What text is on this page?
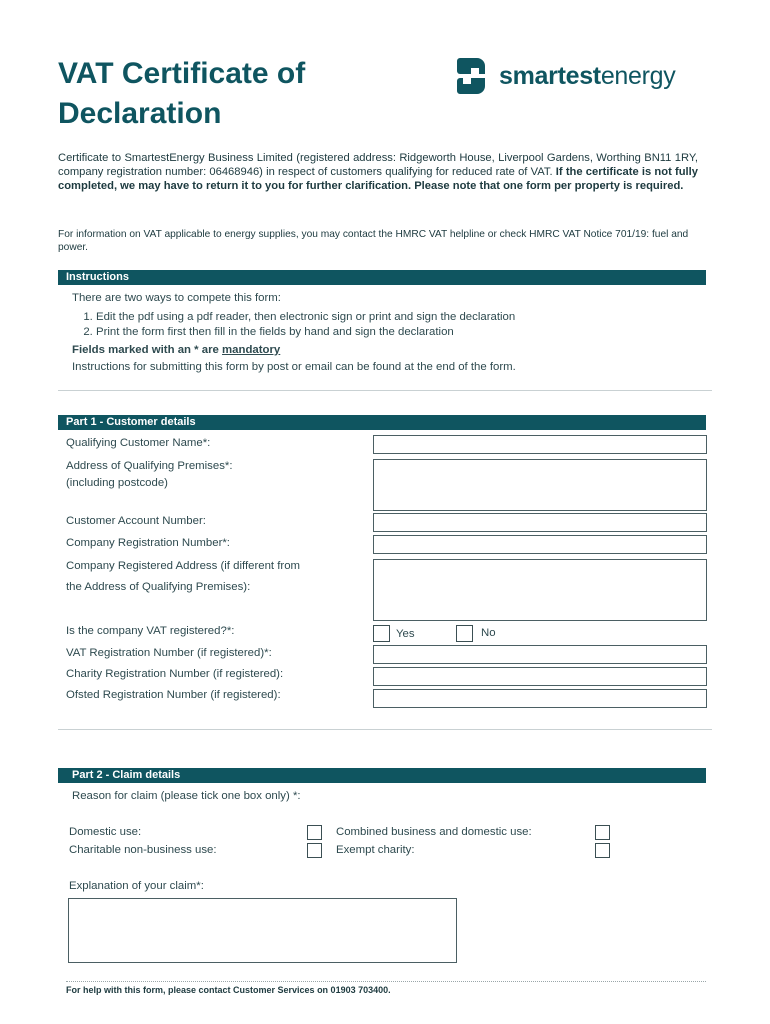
VAT Certificate of Declaration
smartestenergy
Certificate to SmartestEnergy Business Limited (registered address: Ridgeworth House, Liverpool Gardens, Worthing BN11 1RY, company registration number: 06468946) in respect of customers qualifying for reduced rate of VAT. If the certificate is not fully completed, we may have to return it to you for further clarification. Please note that one form per property is required.
For information on VAT applicable to energy supplies, you may contact the HMRC VAT helpline or check HMRC VAT Notice 701/19: fuel and power.
Instructions
There are two ways to compete this form:
1. Edit the pdf using a pdf reader, then electronic sign or print and sign the declaration
2. Print the form first then fill in the fields by hand and sign the declaration
Fields marked with an * are mandatory
Instructions for submitting this form by post or email can be found at the end of the form.
Part 1 - Customer details
Qualifying Customer Name*:
Address of Qualifying Premises*:
(including postcode)
Customer Account Number:
Company Registration Number*:
Company Registered Address (if different from
the Address of Qualifying Premises):
Is the company VAT registered?*:	Yes	No
VAT Registration Number (if registered)*:
Charity Registration Number (if registered):
Ofsted Registration Number (if registered):
Part 2 - Claim details
Reason for claim (please tick one box only) *:
Domestic use:
Charitable non-business use:
Combined business and domestic use:
Exempt charity:
Explanation of your claim*:
For help with this form, please contact Customer Services on 01903 703400.
